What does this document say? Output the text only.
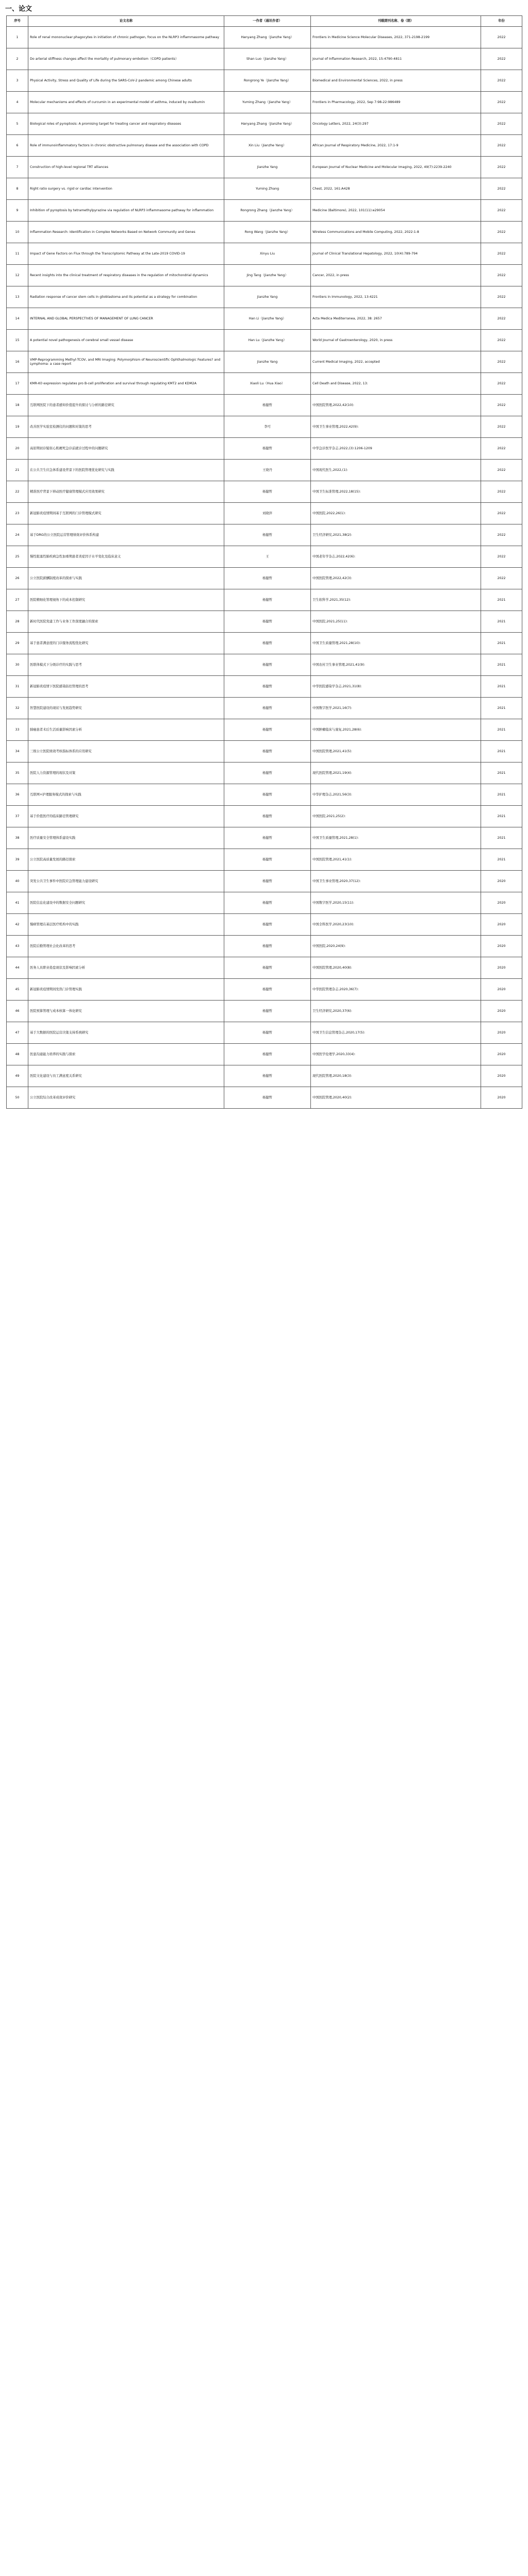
一、论文
序号	论文名称	一作者（通讯作者）	刊载期刊名称、卷（期）	年份
1	Role of renal mononuclear phagocytes in initiation of chronic pathogen, focus on the NLRP3 inflammasome pathway	Hanyang Zhang（Jianzhe Yang）	Frontiers in Medicine Science Molecular Diseases, 2022, 371-2198-2199	2022
2	Do arterial stiffness changes affect the mortality of pulmonary embolism（COPD patients）	Shan Luo（Jianzhe Yang）	Journal of Inflammation Research, 2022, 15:4790-4811	2022
3	Physical Activity, Stress and Quality of Life during the SARS-CoV-2 pandemic among Chinese adults	Rongrong Ye（Jianzhe Yang）	Biomedical and Environmental Sciences, 2022, in press	2022
4	Molecular mechanisms and effects of curcumin in an experimental model of asthma, induced by ovalbumin	Yuming Zhang（Jianzhe Yang）	Frontiers in Pharmacology, 2022, Sep 7:98-22:986489	2022
5	Biological roles of pyroptosis: A promising target for treating cancer and respiratory diseases	Hanyang Zhang（Jianzhe Yang）	Oncology Letters, 2022, 24(3):297	2022
6	Role of immunoinflammatory factors in chronic obstructive pulmonary disease and the association with COPD	Xin Liu（Jianzhe Yang）	African Journal of Respiratory Medicine, 2022, 17:1-9	2022
7	Construction of high-level regional TRT alliances	Jianzhe Yang	European Journal of Nuclear Medicine and Molecular Imaging, 2022, 49(7):2239-2240	2022
8	Right ratio surgery vs. rigid or cardiac intervention	Yuming Zhang	Chest, 2022, 161:A428	2022
9	Inhibition of pyroptosis by tetramethylpyrazine via regulation of NLRP3 inflammasome pathway for inflammation	Rongrong Zhang（Jianzhe Yang）	Medicine (Baltimore), 2022, 101(11):e29054	2022
10	Inflammation Research: Identification in Complex Networks Based on Network Community and Genes	Rong Wang（Jianzhe Yang）	Wireless Communications and Mobile Computing, 2022, 2022:1-8	2022
11	Impact of Gene Factors on Flux through the Transcriptomic Pathway at the Late-2019 COVID-19	Xinyu Liu	Journal of Clinical Translational Hepatology, 2022, 10(4):789-794	2022
12	Recent insights into the clinical treatment of respiratory diseases in the regulation of mitochondrial dynamics	Jing Tang（Jianzhe Yang）	Cancer, 2022, in press	2022
13	Radiation response of cancer stem cells in glioblastoma and its potential as a strategy for combination	Jianzhe Yang	Frontiers in Immunology, 2022, 13:4221	2022
14	INTERNAL AND GLOBAL PERSPECTIVES OF MANAGEMENT OF LUNG CANCER	Han Li（Jianzhe Yang）	Acta Medica Mediterranea, 2022, 38: 2657	2022
15	A potential novel pathogenesis of cerebral small vessel disease	Han Lu（Jianzhe Yang）	World Journal of Gastroenterology, 2020, in press	2022
16	VMP-Reprogramming Methyl-TCOV, and MRI Imaging: Polymorphism of Neuroscientific Ophthalmologic Features? and Lymphoma: a case report	Jianzhe Yang	Current Medical Imaging, 2022, accepted	2022
17	KMR-K0 expression regulates pro B-cell proliferation and survival through regulating KMT2 and KDM2A	Xiaoli Lu（Hua Xiao）	Cell Death and Disease, 2022, 13:	2022
18	互联网医院下的患者感知价值提升的探讨与分析的路径研究	杨健哲	中国医院管理,2022,42(10):	2022
19	改善医学实验室检测仪的问题和对策的思考	李可	中国卫生事业管理,2022,42(9):	2022
20	高原期初诊疑似心肌梗死急诊前就诊过程中的问题研究	杨健哲	中华急诊医学杂志,2022,(3):1206-1209	2022
21	在公共卫生应急体系建设背景下的医院管理优化研究与实践	王晓丹	中国现代医生,2022,(1):	2022
22	精准医疗背景下移动医疗健康管理模式应用效果研究	杨健哲	中国卫生标准管理,2022,18(15):	2022
23	新冠肺炎疫情期间基于互联网的门诊管理模式研究	刘晓萍	中国医院,2022,26(1):	2022
24	基于DRG的公立医院运营管理绩效评价体系构建	杨健哲	卫生经济研究,2021,38(2):	2022
25	慢性阻塞性肺疾病急性加重期患者炎症因子水平变化及临床意义	王	中国老年学杂志,2022,42(6):	2022
26	公立医院薪酬制度改革的探索与实践	杨健哲	中国医院管理,2022,42(3):	2022
27	医院精细化管理视角下的成本控制研究	杨健哲	卫生软科学,2021,35(12):	2021
28	新时代医院党建工作与业务工作深度融合的探索	杨健哲	中国医院,2021,25(11):	2021
29	基于患者满意度的门诊服务流程优化研究	杨健哲	中国卫生质量管理,2021,28(10):	2021
30	医联体模式下分级诊疗的实践与思考	杨健哲	中国农村卫生事业管理,2021,41(9):	2021
31	新冠肺炎疫情下医院感染防控管理的思考	杨健哲	中华医院感染学杂志,2021,31(8):	2021
32	智慧医院建设的现状与发展趋势研究	杨健哲	中国数字医学,2021,16(7):	2021
33	肺癌患者术后生活质量影响因素分析	杨健哲	中国肿瘤临床与康复,2021,28(6):	2021
34	三级公立医院绩效考核指标体系的应用研究	杨健哲	中国医院管理,2021,41(5):	2021
35	医院人力资源管理的现状及对策	杨健哲	现代医院管理,2021,19(4):	2021
36	互联网+护理服务模式的探索与实践	杨健哲	中华护理杂志,2021,56(3):	2021
37	基于价值医疗的临床路径管理研究	杨健哲	中国医院,2021,25(2):	2021
38	医疗质量安全管理体系建设实践	杨健哲	中国卫生质量管理,2021,28(1):	2021
39	公立医院高质量发展的路径探索	杨健哲	中国医院管理,2021,41(1):	2021
40	突发公共卫生事件中医院应急管理能力建设研究	杨健哲	中国卫生事业管理,2020,37(12):	2020
41	医院信息化建设中的数据安全问题研究	杨健哲	中国数字医学,2020,15(11):	2020
42	慢病管理在基层医疗机构中的实践	杨健哲	中国全科医学,2020,23(10):	2020
43	医院后勤管理社会化改革的思考	杨健哲	中国医院,2020,24(9):	2020
44	医务人员职业倦怠现状及影响因素分析	杨健哲	中国医院管理,2020,40(8):	2020
45	新冠肺炎疫情期间发热门诊管理实践	杨健哲	中华医院管理杂志,2020,36(7):	2020
46	医院预算管理与成本核算一体化研究	杨健哲	卫生经济研究,2020,37(6):	2020
47	基于大数据的医院运营决策支持系统研究	杨健哲	中国卫生信息管理杂志,2020,17(5):	2020
48	医患沟通能力培养的实践与探索	杨健哲	中国医学伦理学,2020,33(4):	2020
49	医院文化建设与员工满意度关系研究	杨健哲	现代医院管理,2020,18(3):	2020
50	公立医院综合改革成效评价研究	杨健哲	中国医院管理,2020,40(2):	2020
